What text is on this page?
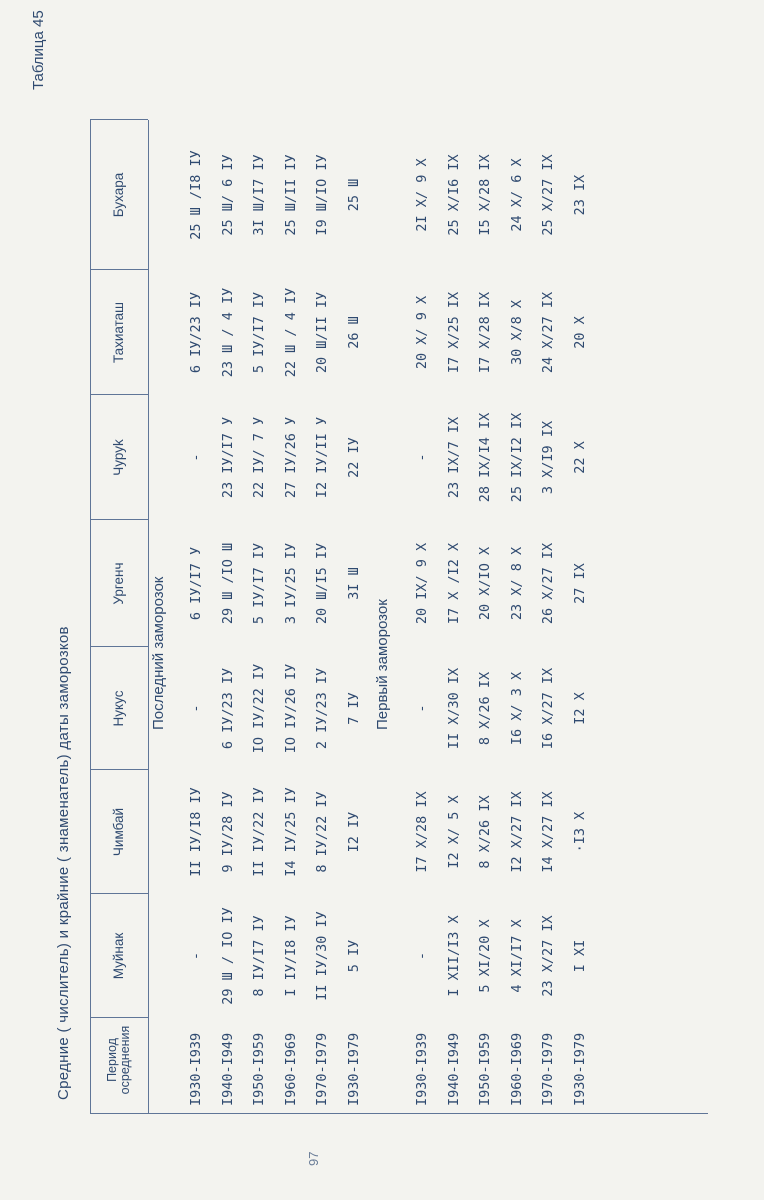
Средние ( числитель) и крайние ( знаменатель) даты заморозков
Таблица 45
97
Период осреднения
Муйнак
Чимбай
Нукус
Ургенч
Чуруk
Тахиаташ
Бухара
Последний заморозок	Первый заморозок
I930-I939
-
II IУ/I8 IУ
-
6 IУ/I7 У
-
6 IУ/23 IУ
25 Ш /I8 IУ
I940-I949
29 Ш / IO IУ
9 IУ/28 IУ
6 IУ/23 IУ
29 Ш /IO Ш
23 IУ/I7 У
23 Ш / 4 IУ
25 Ш/ 6 IУ
I950-I959
8 IУ/I7 IУ
II IУ/22 IУ
IO IУ/22 IУ
5 IУ/I7 IУ
22 IУ/ 7 У
5 IУ/I7 IУ
3I Ш/I7 IУ
I960-I969
I IУ/I8 IУ
I4 IУ/25 IУ
IO IУ/26 IУ
3 IУ/25 IУ
27 IУ/26 У
22 Ш / 4 IУ
25 Ш/II IУ
I970-I979
II IУ/30 IУ
8 IУ/22 IУ
2 IУ/23 IУ
20 Ш/I5 IУ
I2 IУ/II У
20 Ш/II IУ
I9 Ш/IO IУ
I930-I979
5 IУ
I2 IУ
7 IУ
3I Ш
22 IУ
26 Ш
25 Ш
I930-I939
-
I7 X/28 IX
-
20 IX/ 9 X
-
20 X/ 9 X
2I X/ 9 X
I940-I949
I XII/I3 X
I2 X/ 5 X
II X/30 IX
I7 X /I2 X
23 IX/7 IX
I7 X/25 IX
25 X/I6 IX
I950-I959
5 XI/20 X
8 X/26 IX
8 X/26 IX
20 X/IO X
28 IX/I4 IX
I7 X/28 IX
I5 X/28 IX
I960-I969
4 XI/I7 X
I2 X/27 IX
I6 X/ 3 X
23 X/ 8 X
25 IX/I2 IX
30 X/8 X
24 X/ 6 X
I970-I979
23 X/27 IX
I4 X/27 IX
I6 X/27 IX
26 X/27 IX
3 X/I9 IX
24 X/27 IX
25 X/27 IX
I930-I979
I XI
·I3 X
I2 X
27 IX
22 X
20 X
23 IX
